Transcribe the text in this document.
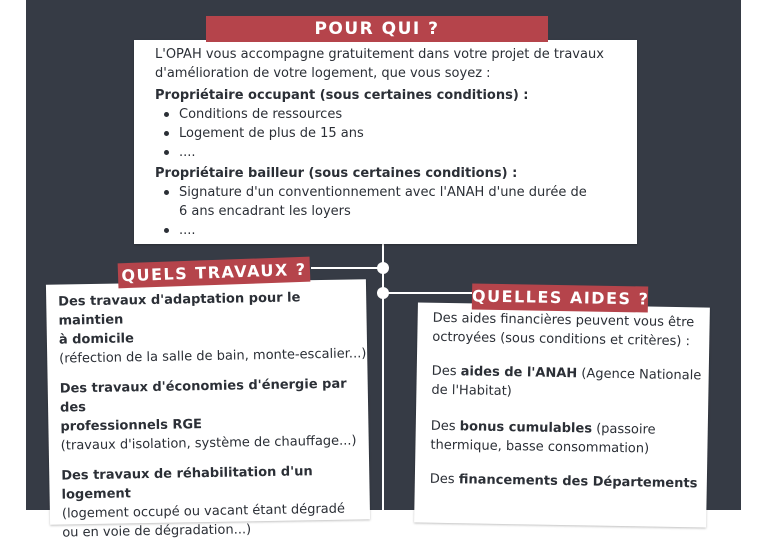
L'OPAH vous accompagne gratuitement dans votre projet de travaux

d'amélioration de votre logement, que vous soyez :

Propriétaire occupant (sous certaines conditions) :

Conditions de ressources
Logement de plus de 15 ans
....

Propriétaire bailleur (sous certaines conditions) :

Signature d'un conventionnement avec l'ANAH d'une durée de
6 ans encadrant les loyers
....
POUR QUI ?

Des travaux d'adaptation pour le maintien

à domicile

(réfection de la salle de bain, monte-escalier...)

Des travaux d'économies d'énergie par des

professionnels RGE

(travaux d'isolation, système de chauffage...)

Des travaux de réhabilitation d'un

logement

(logement occupé ou vacant étant dégradé

ou en voie de dégradation...)

QUELS TRAVAUX ?

Des aides financières peuvent vous être

octroyées (sous conditions et critères) :

Des aides de l'ANAH (Agence Nationale

de l'Habitat)

Des bonus cumulables (passoire

thermique, basse consommation)

Des financements des Départements

QUELLES AIDES ?
